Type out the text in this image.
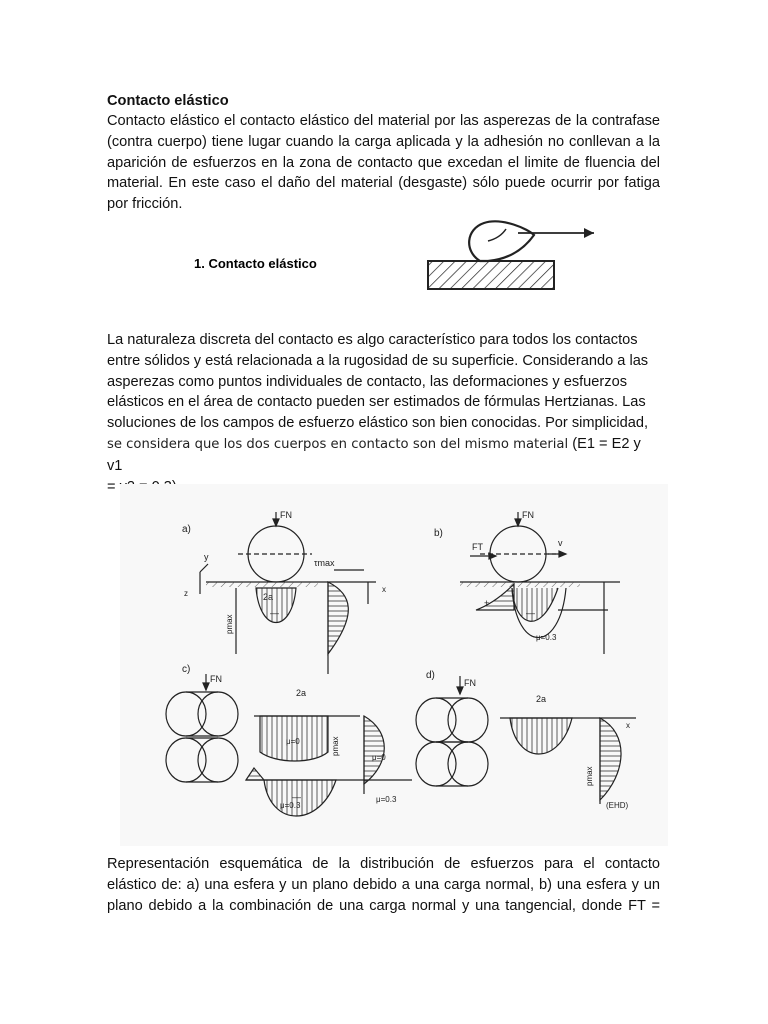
Contacto elástico
Contacto elástico el contacto elástico del material por las asperezas de la contrafase (contra cuerpo) tiene lugar cuando la carga aplicada y la adhesión no conllevan a la aparición de esfuerzos en la zona de contacto que excedan el limite de fluencia del material. En este caso el daño del material (desgaste) sólo puede ocurrir por fatiga por fricción.
1. Contacto elástico
La naturaleza discreta del contacto es algo característico para todos los contactos
entre sólidos y está relacionada a la rugosidad de su superficie. Considerando a las
asperezas como puntos individuales de contacto, las deformaciones y esfuerzos
elásticos en el área de contacto pueden ser estimados de fórmulas Hertzianas. Las
soluciones de los campos de esfuerzo elástico son bien conocidas. Por simplicidad,
se considera que los dos cuerpos en contacto son del mismo material (E1 = E2 y v1
= v2 = 0.3).
a)
FN
y
z
pmax
—
τmax
x
b)
FN
FT	v
+
—
μ=0.3
c)
FN
2a
μ=0	pmax
μ=0.3
—
μ=0
μ=0.3
d)
FN
2a
pmax
(EHD)
x
Representación esquemática de la distribución de esfuerzos para el contacto
elástico de: a) una esfera y un plano debido a una carga normal, b) una esfera y un
plano debido a la combinación de una carga normal y una tangencial, donde FT =
